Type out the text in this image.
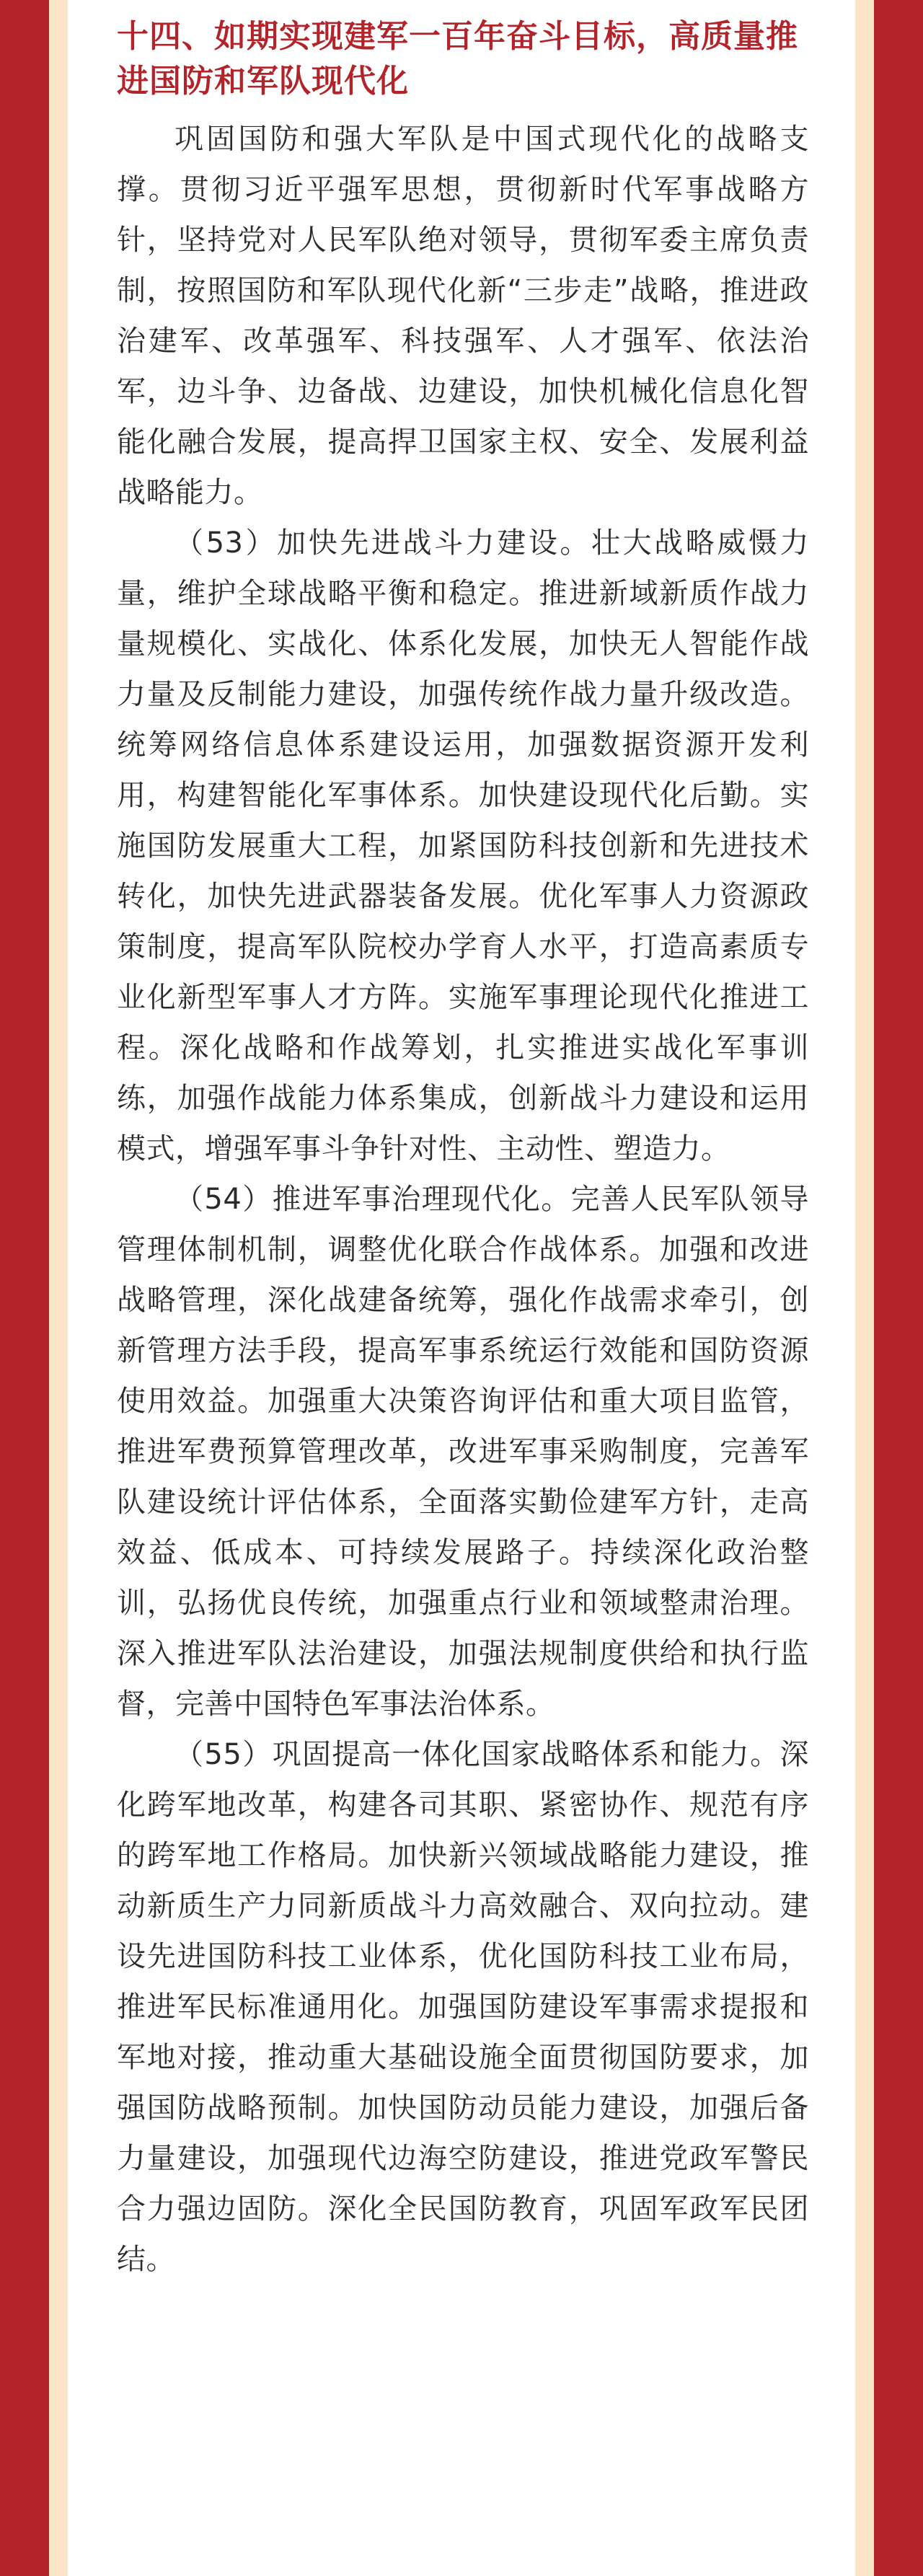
十四、如期实现建军一百年奋斗目标，高质量推进国防和军队现代化

巩固国防和强大军队是中国式现代化的战略支撑。贯彻习近平强军思想，贯彻新时代军事战略方针，坚持党对人民军队绝对领导，贯彻军委主席负责制，按照国防和军队现代化新“三步走”战略，推进政治建军、改革强军、科技强军、人才强军、依法治军，边斗争、边备战、边建设，加快机械化信息化智能化融合发展，提高捍卫国家主权、安全、发展利益战略能力。

（53）加快先进战斗力建设。壮大战略威慑力量，维护全球战略平衡和稳定。推进新域新质作战力量规模化、实战化、体系化发展，加快无人智能作战力量及反制能力建设，加强传统作战力量升级改造。统筹网络信息体系建设运用，加强数据资源开发利用，构建智能化军事体系。加快建设现代化后勤。实施国防发展重大工程，加紧国防科技创新和先进技术转化，加快先进武器装备发展。优化军事人力资源政策制度，提高军队院校办学育人水平，打造高素质专业化新型军事人才方阵。实施军事理论现代化推进工程。深化战略和作战筹划，扎实推进实战化军事训练，加强作战能力体系集成，创新战斗力建设和运用模式，增强军事斗争针对性、主动性、塑造力。

（54）推进军事治理现代化。完善人民军队领导管理体制机制，调整优化联合作战体系。加强和改进战略管理，深化战建备统筹，强化作战需求牵引，创新管理方法手段，提高军事系统运行效能和国防资源使用效益。加强重大决策咨询评估和重大项目监管，推进军费预算管理改革，改进军事采购制度，完善军队建设统计评估体系，全面落实勤俭建军方针，走高效益、低成本、可持续发展路子。持续深化政治整训，弘扬优良传统，加强重点行业和领域整肃治理。深入推进军队法治建设，加强法规制度供给和执行监督，完善中国特色军事法治体系。

（55）巩固提高一体化国家战略体系和能力。深化跨军地改革，构建各司其职、紧密协作、规范有序的跨军地工作格局。加快新兴领域战略能力建设，推动新质生产力同新质战斗力高效融合、双向拉动。建设先进国防科技工业体系，优化国防科技工业布局，推进军民标准通用化。加强国防建设军事需求提报和军地对接，推动重大基础设施全面贯彻国防要求，加强国防战略预制。加快国防动员能力建设，加强后备力量建设，加强现代边海空防建设，推进党政军警民合力强边固防。深化全民国防教育，巩固军政军民团结。
